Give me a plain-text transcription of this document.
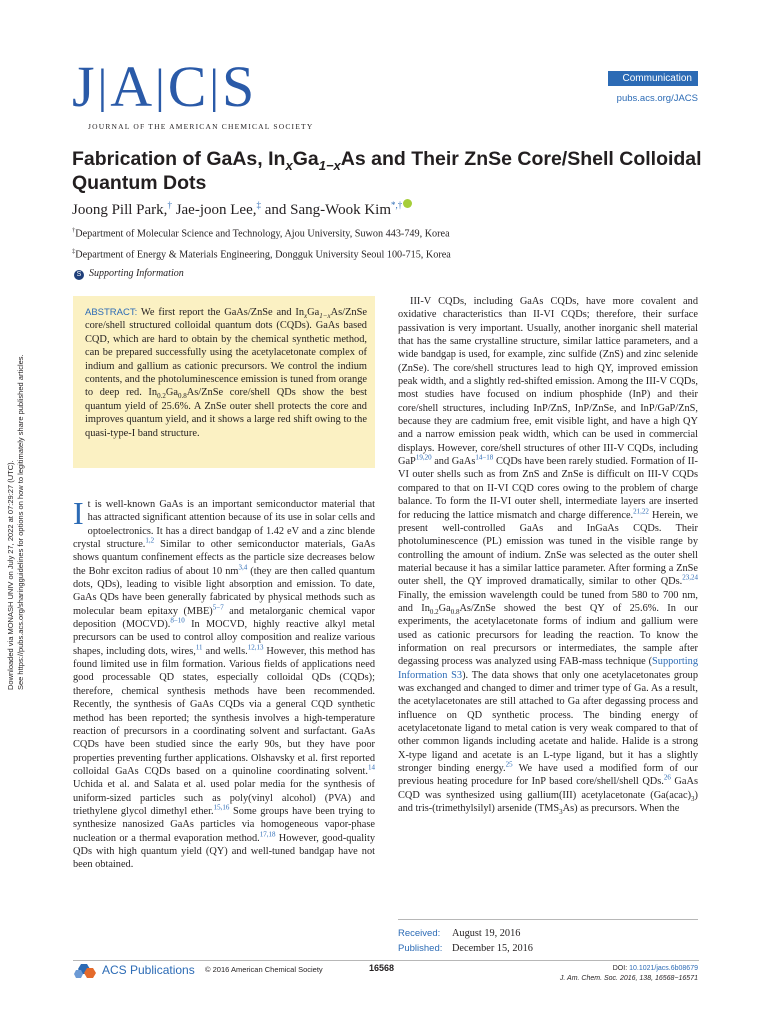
J|A|C|S
JOURNAL OF THE AMERICAN CHEMICAL SOCIETY
Communication
pubs.acs.org/JACS
Fabrication of GaAs, $In_xGa_{1-x}As$ and Their ZnSe Core/Shell Colloidal Quantum Dots
Joong Pill Park,† Jae-joon Lee,‡ and Sang-Wook Kim*,†
†Department of Molecular Science and Technology, Ajou University, Suwon 443-749, Korea
‡Department of Energy & Materials Engineering, Dongguk University Seoul 100-715, Korea
S Supporting Information
Downloaded via MONASH UNIV on July 27, 2022 at 07:29:27 (UTC). See https://pubs.acs.org/sharingguidelines for options on how to legitimately share published articles.
ABSTRACT: We first report the GaAs/ZnSe and $In_xGa_{1-x}As$/ZnSe core/shell structured colloidal quantum dots (CQDs). GaAs based CQD, which are hard to obtain by the chemical synthetic method, can be prepared successfully using the acetylacetonate complex of indium and gallium as cationic precursors. We control the indium contents, and the photoluminescence emission is tuned from orange to deep red. $In_{0.2}Ga_{0.8}As$/ZnSe core/shell QDs show the best quantum yield of 25.6%. A ZnSe outer shell protects the core and improves quantum yield, and it shows a large red shift owing to the quasi-type-I band structure.

It is well-known GaAs is an important semiconductor material that has attracted significant attention because of its use in solar cells and optoelectronics. It has a direct bandgap of 1.42 eV and a zinc blende crystal structure.$^{1,2}$ Similar to other semiconductor materials, GaAs shows quantum confinement effects as the particle size decreases below the Bohr exciton radius of about 10 nm$^{3,4}$ (they are then called quantum dots, QDs), leading to visible light absorption and emission. To date, GaAs QDs have been generally fabricated by physical methods such as molecular beam epitaxy (MBE)$^{5-7}$ and metalorganic chemical vapor deposition (MOCVD).$^{8-10}$ In MOCVD, highly reactive alkyl metal precursors can be used to control alloy composition and realize various shapes, including dots, wires,$^{11}$ and wells.$^{12,13}$ However, this method has found limited use in film formation. Various fields of applications need good processable QD states, especially colloidal QDs (CQDs); therefore, chemical synthesis methods have been recommended. Recently, the synthesis of GaAs CQDs via a general CQD synthetic method has been reported; the synthesis involves a high-temperature reaction of precursors in a coordinating solvent and surfactant. GaAs CQDs have been studied since the early 90s, but they have poor properties preventing further applications. Olshavsky et al. first reported colloidal GaAs CQDs based on a quinoline coordinating solvent.$^{14}$ Uchida et al. and Salata et al. used polar media for the synthesis of uniform-sized particles such as poly(vinyl alcohol) (PVA) and triethylene glycol dimethyl ether.$^{15,16}$ Some groups have been trying to synthesize nanosized GaAs particles via homogeneous vapor-phase nucleation or a thermal evaporation method.$^{17,18}$ However, good-quality QDs with high quantum yield (QY) and well-tuned bandgap have not been obtained.

III-V CQDs, including GaAs CQDs, have more covalent and oxidative characteristics than II-VI CQDs; therefore, their surface passivation is very important. Usually, another inorganic shell material that has the same crystalline structure, similar lattice parameters, and a wide bandgap is used, for example, zinc sulfide (ZnS) and zinc selenide (ZnSe). The core/shell structures lead to high QY, improved emission peak width, and a slightly red-shifted emission. Among the III-V CQDs, most studies have focused on indium phosphide (InP) and their core/shell structures, including InP/ZnS, InP/ZnSe, and InP/GaP/ZnS, because they are cadmium free, emit visible light, and have a high QY and a narrow emission peak width, which can be used in commercial displays. However, core/shell structures of other III-V CQDs, including GaP$^{19,20}$ and GaAs$^{14-18}$ CQDs have been rarely studied. Formation of II-VI outer shells such as from ZnS and ZnSe is difficult on III-V CQDs compared to that on II-VI CQD cores owing to the problem of charge balance. To form the II-VI outer shell, intermediate layers are inserted for reducing the lattice mismatch and charge difference.$^{21,22}$ Herein, we present well-controlled GaAs and InGaAs CQDs. Their photoluminescence (PL) emission was tuned in the visible range by controlling the amount of indium. ZnSe was selected as the outer shell material because it has a similar lattice parameter. After forming a ZnSe outer shell, the QY improved dramatically, similar to other QDs.$^{23,24}$ Finally, the emission wavelength could be tuned from 580 to 700 nm, and $In_{0.2}Ga_{0.8}As$/ZnSe showed the best QY of 25.6%. In our experiments, the acetylacetonate forms of indium and gallium were used as cationic precursors for leading the reaction. To know the information on real precursors or intermediates, the sample after degassing process was analyzed using FAB-mass technique (Supporting Information S3). The data shows that only one acetylacetonates group was exchanged and changed to dimer and trimer type of Ga. As a result, the acetylacetonates are still attached to Ga after degassing process and influence on QD synthetic process. The binding energy of acetylacetonate ligand to metal cation is very weak compared to that of other common ligands including acetate and halide. Halide is a strong X-type ligand and acetate is an L-type ligand, but it has a slightly stronger binding energy.$^{25}$ We have used a modified form of our previous heating procedure for InP based core/shell/shell QDs.$^{26}$ GaAs CQD was synthesized using gallium(III) acetylacetonate $(Ga(acac)_3)$ and tris-(trimethylsilyl) arsenide $(TMS_3As)$ as precursors. When the

Received: August 19, 2016
Published: December 15, 2016
ACS Publications © 2016 American Chemical Society	16568	DOI: 10.1021/jacs.6b08679
J. Am. Chem. Soc. 2016, 138, 16568−16571
